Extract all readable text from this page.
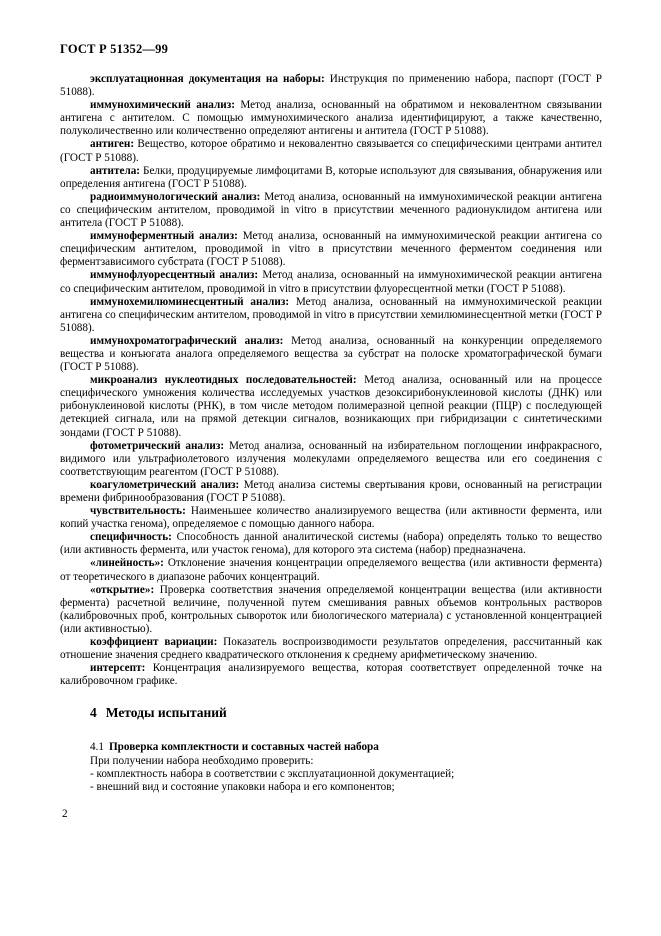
ГОСТ Р 51352—99

эксплуатационная документация на наборы: Инструкция по применению набора, паспорт (ГОСТ Р 51088).

иммунохимический анализ: Метод анализа, основанный на обратимом и нековалентном связывании антигена с антителом. С помощью иммунохимического анализа идентифицируют, а также качественно, полуколичественно или количественно определяют антигены и антитела (ГОСТ Р 51088).

антиген: Вещество, которое обратимо и нековалентно связывается со специфическими центрами антител (ГОСТ Р 51088).

антитела: Белки, продуцируемые лимфоцитами В, которые используют для связывания, обнаружения или определения антигена (ГОСТ Р 51088).

радиоиммунологический анализ: Метод анализа, основанный на иммунохимической реакции антигена со специфическим антителом, проводимой in vitro в присутствии меченного радионуклидом антигена или антитела (ГОСТ Р 51088).

иммуноферментный анализ: Метод анализа, основанный на иммунохимической реакции антигена со специфическим антителом, проводимой in vitro в присутствии меченного ферментом соединения или ферментзависимого субстрата (ГОСТ Р 51088).

иммунофлуоресцентный анализ: Метод анализа, основанный на иммунохимической реакции антигена со специфическим антителом, проводимой in vitro в присутствии флуоресцентной метки (ГОСТ Р 51088).

иммунохемилюминесцентный анализ: Метод анализа, основанный на иммунохимической реакции антигена со специфическим антителом, проводимой in vitro в присутствии хемилюминесцентной метки (ГОСТ Р 51088).

иммунохроматографический анализ: Метод анализа, основанный на конкуренции определяемого вещества и конъюгата аналога определяемого вещества за субстрат на полоске хроматографической бумаги (ГОСТ Р 51088).

микроанализ нуклеотидных последовательностей: Метод анализа, основанный или на процессе специфического умножения количества исследуемых участков дезоксирибонуклеиновой кислоты (ДНК) или рибонуклеиновой кислоты (РНК), в том числе методом полимеразной цепной реакции (ПЦР) с последующей детекцией сигнала, или на прямой детекции сигналов, возникающих при гибридизации с синтетическими зондами (ГОСТ Р 51088).

фотометрический анализ: Метод анализа, основанный на избирательном поглощении инфракрасного, видимого или ультрафиолетового излучения молекулами определяемого вещества или его соединения с соответствующим реагентом (ГОСТ Р 51088).

коагулометрический анализ: Метод анализа системы свертывания крови, основанный на регистрации времени фибринообразования (ГОСТ Р 51088).

чувствительность: Наименьшее количество анализируемого вещества (или активности фермента, или копий участка генома), определяемое с помощью данного набора.

специфичность: Способность данной аналитической системы (набора) определять только то вещество (или активность фермента, или участок генома), для которого эта система (набор) предназначена.

«линейность»: Отклонение значения концентрации определяемого вещества (или активности фермента) от теоретического в диапазоне рабочих концентраций.

«открытие»: Проверка соответствия значения определяемой концентрации вещества (или активности фермента) расчетной величине, полученной путем смешивания равных объемов контрольных растворов (калибровочных проб, контрольных сывороток или биологического материала) с установленной концентрацией (или активностью).

коэффициент вариации: Показатель воспроизводимости результатов определения, рассчитанный как отношение значения среднего квадратического отклонения к среднему арифметическому значению.

интерсепт: Концентрация анализируемого вещества, которая соответствует определенной точке на калибровочном графике.

4 Методы испытаний
4.1 Проверка комплектности и составных частей набора

При получении набора необходимо проверить:

- комплектность набора в соответствии с эксплуатационной документацией;

- внешний вид и состояние упаковки набора и его компонентов;

2
